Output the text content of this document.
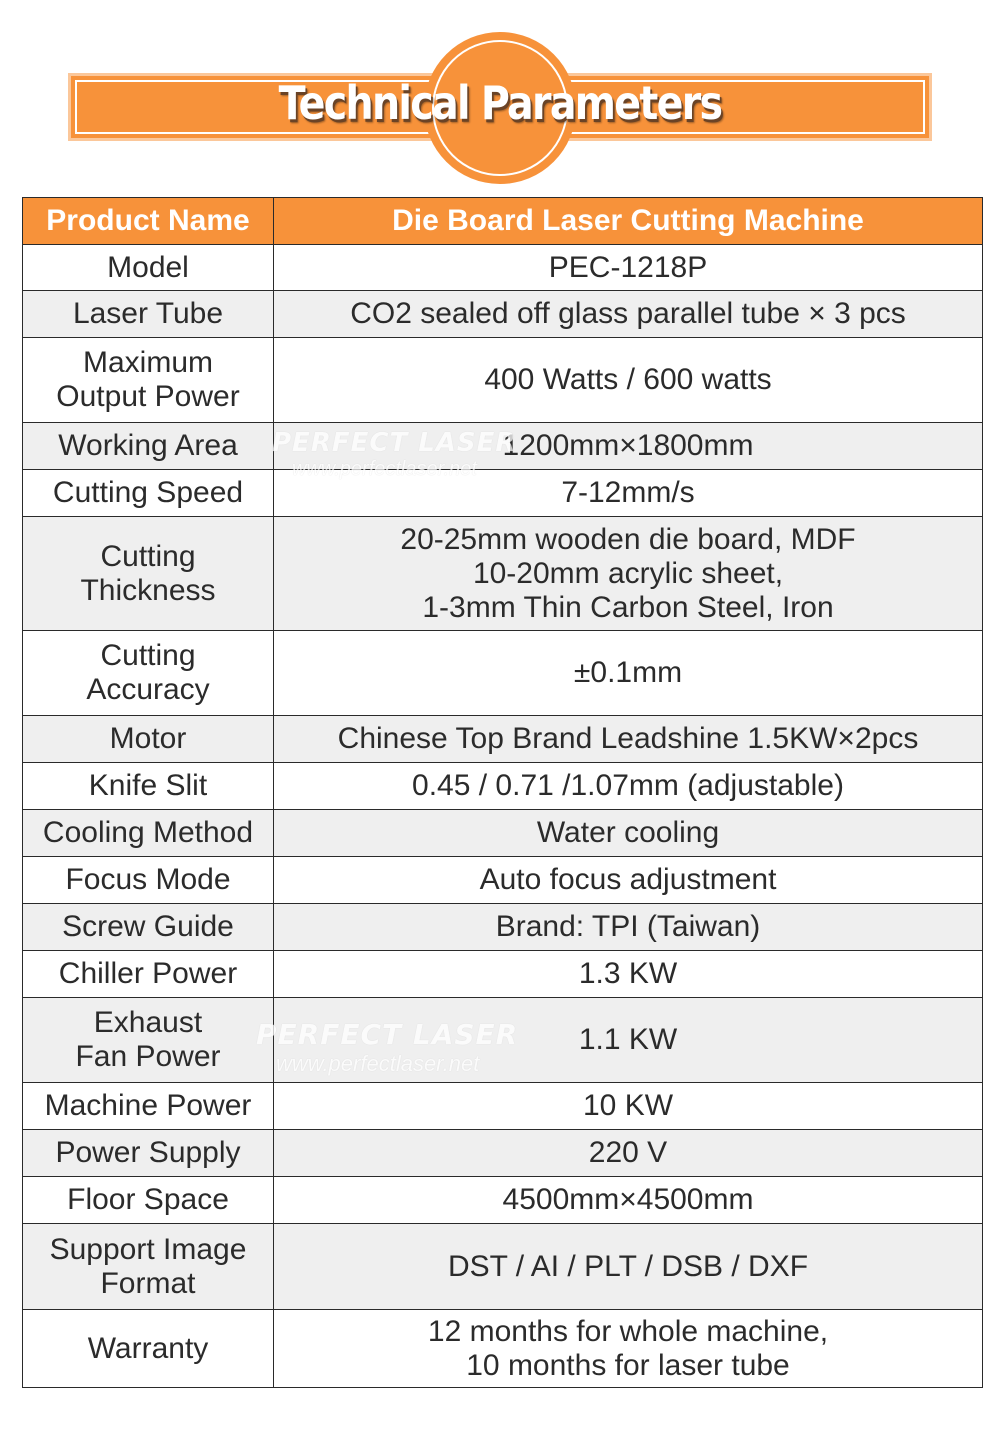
Technical Parameters
Product Name	Die Board Laser Cutting Machine
Model	PEC-1218P
Laser Tube	CO2 sealed off glass parallel tube × 3 pcs
Maximum
Output Power	400 Watts / 600 watts
Working Area	1200mm×1800mm
Cutting Speed	7-12mm/s
Cutting
Thickness	20-25mm wooden die board, MDF
10-20mm acrylic sheet,
1-3mm Thin Carbon Steel, Iron
Cutting
Accuracy	±0.1mm
Motor	Chinese Top Brand Leadshine 1.5KW×2pcs
Knife Slit	0.45 / 0.71 /1.07mm (adjustable)
Cooling Method	Water cooling
Focus Mode	Auto focus adjustment
Screw Guide	Brand: TPI (Taiwan)
Chiller Power	1.3 KW
Exhaust
Fan Power	1.1 KW
Machine Power	10 KW
Power Supply	220 V
Floor Space	4500mm×4500mm
Support Image
Format	DST / AI / PLT / DSB / DXF
Warranty	12 months for whole machine,
10 months for laser tube
PERFECT LASER
www.perfectlaser.net
PERFECT LASER
www.perfectlaser.net
